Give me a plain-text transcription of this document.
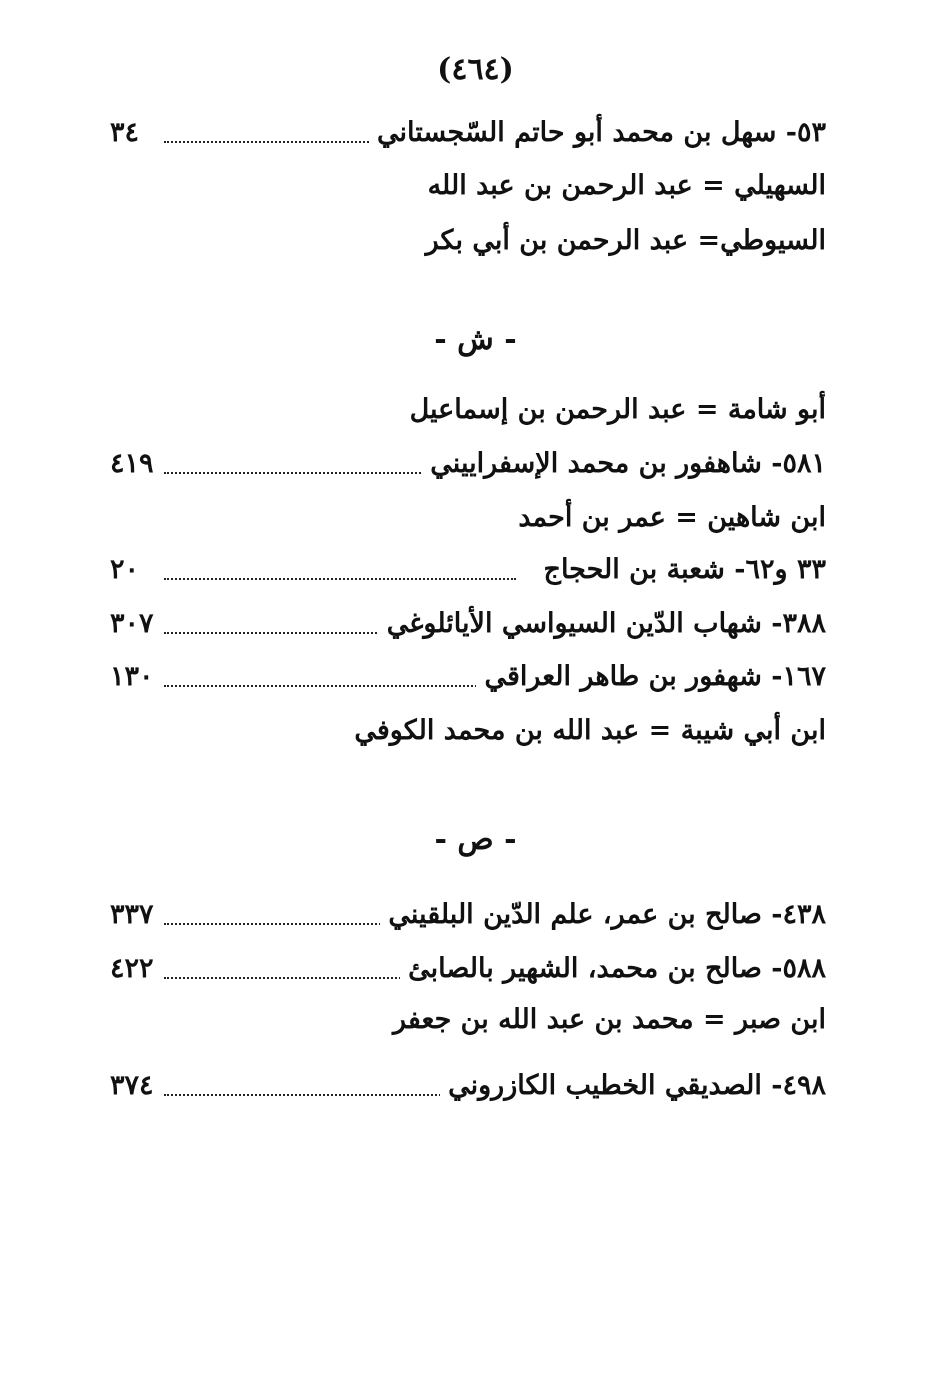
(٤٦٤)
٥٣- سهل بن محمد أبو حاتم السّجستاني
٣٤
السهيلي = عبد الرحمن بن عبد الله
السيوطي= عبد الرحمن بن أبي بكر
- ش -
أبو شامة = عبد الرحمن بن إسماعيل
٥٨١- شاهفور بن محمد الإسفراييني
٤١٩
ابن شاهين = عمر بن أحمد
٣٣ و٦٢- شعبة بن الحجاج
٢٠
٣٨٨- شهاب الدّين السيواسي الأيائلوغي
٣٠٧
١٦٧- شهفور بن طاهر العراقي
١٣٠
ابن أبي شيبة = عبد الله بن محمد الكوفي
- ص -
٤٣٨- صالح بن عمر، علم الدّين البلقيني
٣٣٧
٥٨٨- صالح بن محمد، الشهير بالصابئ
٤٢٢
ابن صبر = محمد بن عبد الله بن جعفر
٤٩٨- الصديقي الخطيب الكازروني
٣٧٤
